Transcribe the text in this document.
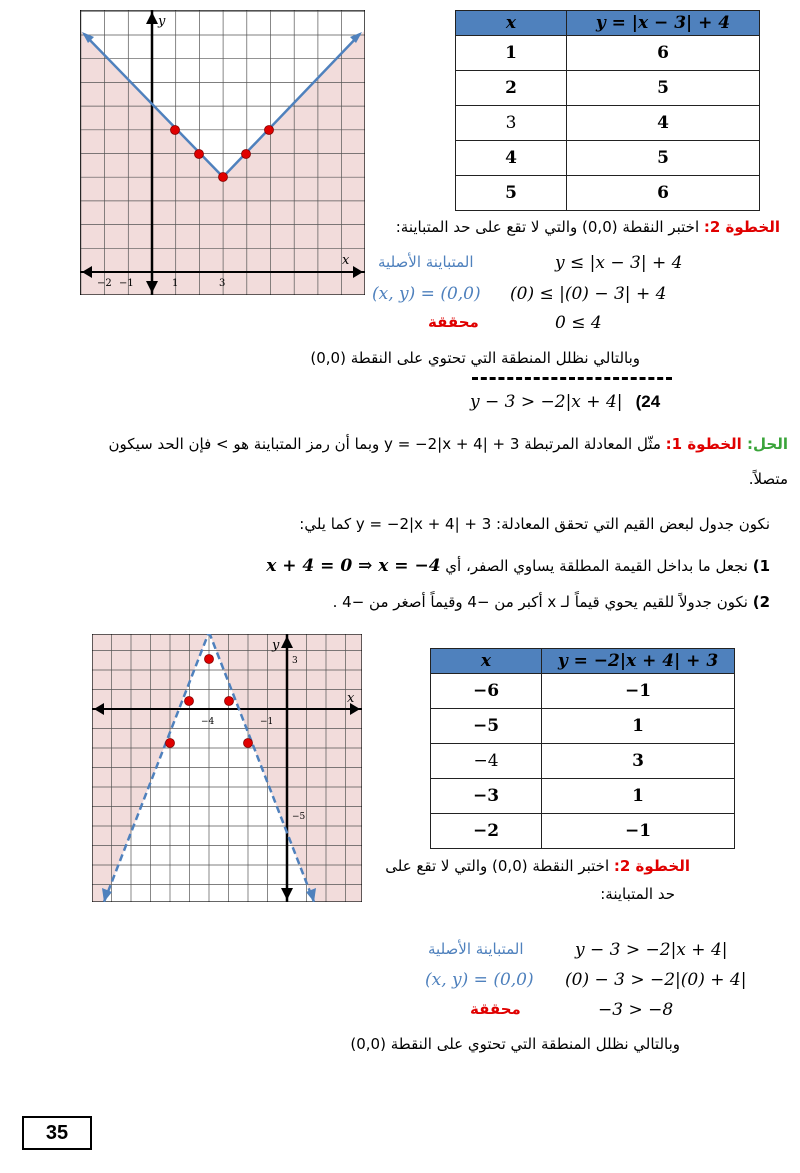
y
x
−2 −1	1	3
x	y = |x − 3| + 4
1	6
2	5
3	4
4	5
5	6
الخطوة 2: اختبر النقطة (0,0) والتي لا تقع على حد المتباينة:
المتباينة الأصلية	y ≤ |x − 3| + 4
(x, y) = (0,0) (0) ≤ |(0) − 3| + 4
محققة	0 ≤ 4
وبالتالي نظلل المنطقة التي تحتوي على النقطة (0,0)
y − 3 > −2|x + 4| (24
الحل: الخطوة 1: مثّل المعادلة المرتبطة y = −2|x + 4| + 3 وبما أن رمز المتباينة هو > فإن الحد سيكون
متصلاً.
نكون جدول لبعض القيم التي تحقق المعادلة: y = −2|x + 4| + 3 كما يلي:
1) نجعل ما بداخل القيمة المطلقة يساوي الصفر، أي x + 4 = 0 ⇒ x = −4
2) نكون جدولاً للقيم يحوي قيماً لـ x أكبر من −4 وقيماً أصغر من −4 .
y
x
−4	−1
3
−5
x	y = −2|x + 4| + 3
−6	−1
−5	1
−4	3
−3	1
−2	−1
الخطوة 2: اختبر النقطة (0,0) والتي لا تقع على
حد المتباينة:
المتباينة الأصلية	y − 3 > −2|x + 4|
(x, y) = (0,0) (0) − 3 > −2|(0) + 4|
محققة	−3 > −8
وبالتالي نظلل المنطقة التي تحتوي على النقطة (0,0)
35
